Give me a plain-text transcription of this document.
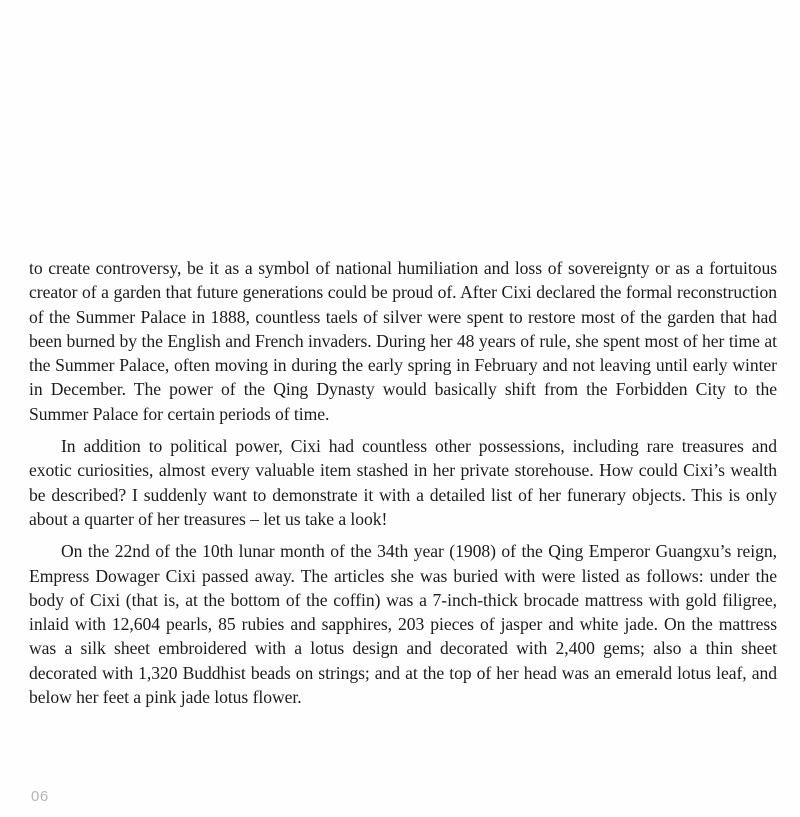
to create controversy, be it as a symbol of national humiliation and loss of sovereignty or as a fortuitous creator of a garden that future generations could be proud of. After Cixi declared the formal reconstruction of the Summer Palace in 1888, countless taels of silver were spent to restore most of the garden that had been burned by the English and French invaders. During her 48 years of rule, she spent most of her time at the Summer Palace, often moving in during the early spring in February and not leaving until early winter in December. The power of the Qing Dynasty would basically shift from the Forbidden City to the Summer Palace for certain periods of time.

In addition to political power, Cixi had countless other possessions, including rare treasures and exotic curiosities, almost every valuable item stashed in her private storehouse. How could Cixi’s wealth be described? I suddenly want to demonstrate it with a detailed list of her funerary objects. This is only about a quarter of her treasures – let us take a look!

On the 22nd of the 10th lunar month of the 34th year (1908) of the Qing Emperor Guangxu’s reign, Empress Dowager Cixi passed away. The articles she was buried with were listed as follows: under the body of Cixi (that is, at the bottom of the coffin) was a 7-inch-thick brocade mattress with gold filigree, inlaid with 12,604 pearls, 85 rubies and sapphires, 203 pieces of jasper and white jade. On the mattress was a silk sheet embroidered with a lotus design and decorated with 2,400 gems; also a thin sheet decorated with 1,320 Buddhist beads on strings; and at the top of her head was an emerald lotus leaf, and below her feet a pink jade lotus flower.

06
